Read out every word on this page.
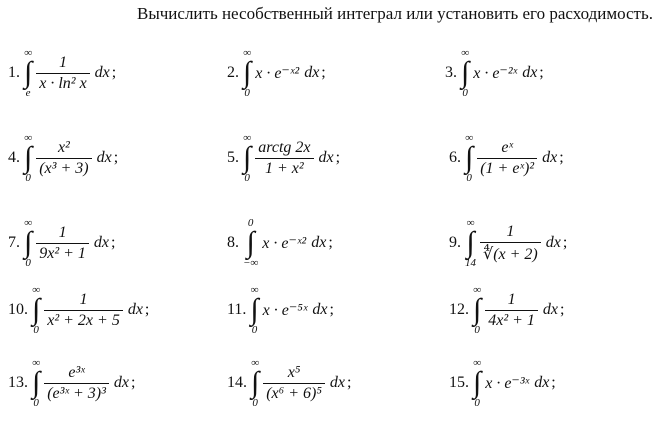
Вычислить несобственный интеграл или установить его расходимость.
1.
∞
∫
e $\frac{1}{\text{x · ln² x}}$ dx ;	2.
∞
∫
0
x · e⁻ˣ² dx ;	3.
∞
∫
0
x · e⁻²ˣ dx ;
4.
∞
∫
$0 \frac{\text{x²}}{\text{(x³ + 3)}}$ dx ;	5.
∞
∫
$0 \frac{\text{arctg 2x}}{\text{1 + x²}}$ dx ;	6.
∞
∫
$0 \frac{\text{eˣ}}{\text{(1 + eˣ)²}}$ dx ;
7.
∞
∫
$0 \frac{1}{\text{9x² + 1}}$ dx ;	8.
0
∫
−∞
x · e⁻ˣ² dx ;	9.
∞
∫
$14 \frac{1}{∜(x + 2)}$ dx ;
10.
∞
∫
$0 \frac{1}{\text{x² + 2x + 5}}$ dx ;	11.
∞
∫
0
x · e⁻⁵ˣ dx ;	12.
∞
∫
$0 \frac{1}{\text{4x² + 1}}$ dx ;
13.
∞
∫
$0 \frac{\text{e³ˣ}}{\text{(e³ˣ + 3)³}}$ dx ;	14.
∞
∫
$0 \frac{\text{x⁵}}{\text{(x⁶ + 6)⁵}}$ dx ;	15.
∞
∫
0
x · e⁻³ˣ dx ;
